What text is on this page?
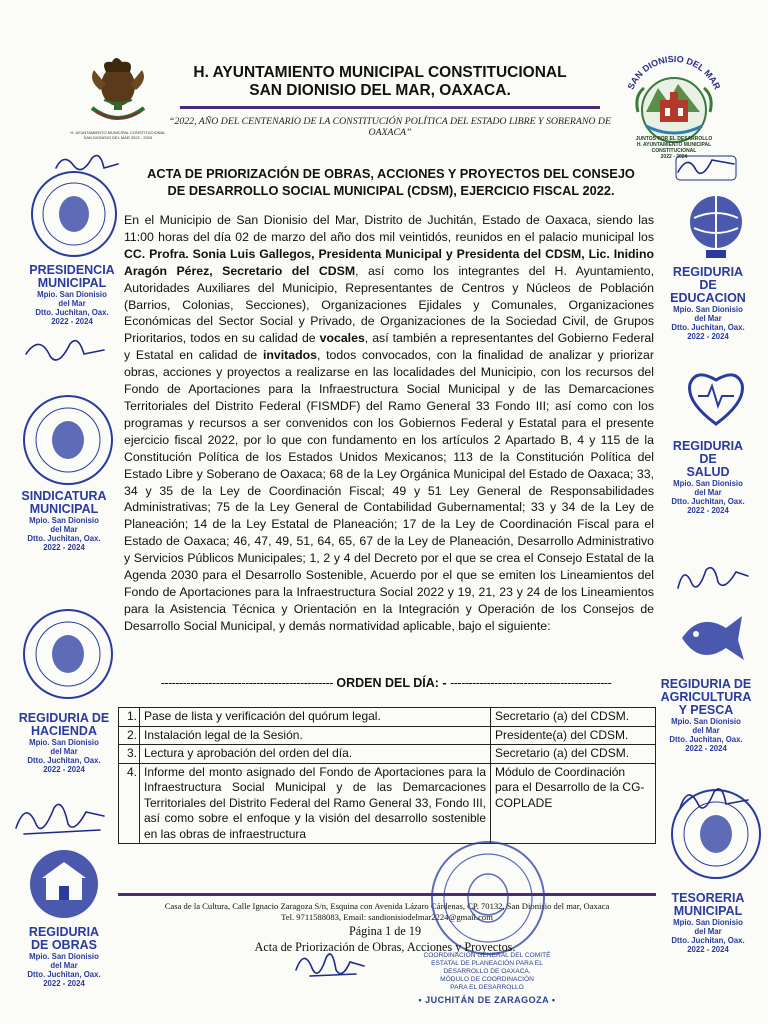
H. AYUNTAMIENTO MUNICIPAL CONSTITUCIONAL SAN DIONISIO DEL MAR 2022 - 2024
H. AYUNTAMIENTO MUNICIPAL CONSTITUCIONAL
SAN DIONISIO DEL MAR, OAXACA.
“2022, AÑO DEL CENTENARIO DE LA CONSTITUCIÓN POLÍTICA DEL ESTADO LIBRE Y SOBERANO DE OAXACA”
SAN DIONISIO DEL MAR
JUNTOS POR EL DESARROLLO
H. AYUNTAMIENTO MUNICIPAL CONSTITUCIONAL
2022 - 2024
ACTA DE PRIORIZACIÓN DE OBRAS, ACCIONES Y PROYECTOS DEL CONSEJO
DE DESARROLLO SOCIAL MUNICIPAL (CDSM), EJERCICIO FISCAL 2022.
En el Municipio de San Dionisio del Mar, Distrito de Juchitán, Estado de Oaxaca, siendo las 11:00 horas del día 02 de marzo del año dos mil veintidós, reunidos en el palacio municipal los CC. Profra. Sonia Luis Gallegos, Presidenta Municipal y Presidenta del CDSM, Lic. Inidino Aragón Pérez, Secretario del CDSM, así como los integrantes del H. Ayuntamiento, Autoridades Auxiliares del Municipio, Representantes de Centros y Núcleos de Población (Barrios, Colonias, Secciones), Organizaciones Ejidales y Comunales, Organizaciones Económicas del Sector Social y Privado, de Organizaciones de la Sociedad Civil, de Grupos Prioritarios, todos en su calidad de vocales, así también a representantes del Gobierno Federal y Estatal en calidad de invitados, todos convocados, con la finalidad de analizar y priorizar obras, acciones y proyectos a realizarse en las localidades del Municipio, con los recursos del Fondo de Aportaciones para la Infraestructura Social Municipal y de las Demarcaciones Territoriales del Distrito Federal (FISMDF) del Ramo General 33 Fondo III; así como con los programas y recursos a ser convenidos con los Gobiernos Federal y Estatal para el presente ejercicio fiscal 2022, por lo que con fundamento en los artículos 2 Apartado B, 4 y 115 de la Constitución Política de los Estados Unidos Mexicanos; 113 de la Constitución Política del Estado Libre y Soberano de Oaxaca; 68 de la Ley Orgánica Municipal del Estado de Oaxaca; 33, 34 y 35 de la Ley de Coordinación Fiscal; 49 y 51 Ley General de Responsabilidades Administrativas; 75 de la Ley General de Contabilidad Gubernamental; 33 y 34 de la Ley de Planeación; 14 de la Ley Estatal de Planeación; 17 de la Ley de Coordinación Fiscal para el Estado de Oaxaca; 46, 47, 49, 51, 64, 65, 67 de la Ley de Planeación, Desarrollo Administrativo y Servicios Públicos Municipales; 1, 2 y 4 del Decreto por el que se crea el Consejo Estatal de la Agenda 2030 para el Desarrollo Sostenible, Acuerdo por el que se emiten los Lineamientos del Fondo de Aportaciones para la Infraestructura Social 2022 y 19, 21, 23 y 24 de los Lineamientos para la Asistencia Técnica y Orientación en la Integración y Operación de los Consejos de Desarrollo Social Municipal, y demás normatividad aplicable, bajo el siguiente:
----------------------------------------------- ORDEN DEL DÍA: - --------------------------------------------
1.	Pase de lista y verificación del quórum legal.	Secretario (a) del CDSM.
2.	Instalación legal de la Sesión.	Presidente(a) del CDSM.
3.	Lectura y aprobación del orden del día.	Secretario (a) del CDSM.
4.	Informe del monto asignado del Fondo de Aportaciones para la Infraestructura Social Municipal y de las Demarcaciones Territoriales del Distrito Federal del Ramo General 33, Fondo III, así como sobre el enfoque y la visión del desarrollo sostenible en las obras de infraestructura	Módulo de Coordinación para el Desarrollo de la CG-COPLADE
Casa de la Cultura, Calle Ignacio Zaragoza S/n, Esquina con Avenida Lázaro Cárdenas, CP. 70132, San Dionisio del mar, Oaxaca
Tel. 9711588083, Email: sandionisiodelmar2224@gmail.com
Página 1 de 19
Acta de Priorización de Obras, Acciones y Proyectos.
COORDINACIÓN GENERAL DEL COMITÉ
ESTATAL DE PLANEACIÓN PARA EL
DESARROLLO DE OAXACA.
MÓDULO DE COORDINACIÓN
PARA EL DESARROLLO
• JUCHITÁN DE ZARAGOZA •
PRESIDENCIA
MUNICIPAL
Mpio. San Dionisio
del Mar
Dtto. Juchitan, Oax.
2022 - 2024
SINDICATURA
MUNICIPAL
Mpio. San Dionisio
del Mar
Dtto. Juchitan, Oax.
2022 - 2024
REGIDURIA DE
HACIENDA
Mpio. San Dionisio
del Mar
Dtto. Juchitan, Oax.
2022 - 2024
REGIDURIA
DE OBRAS
Mpio. San Dionisio
del Mar
Dtto. Juchitan, Oax.
2022 - 2024
REGIDURIA
DE
EDUCACION
Mpio. San Dionisio
del Mar
Dtto. Juchitan, Oax.
2022 - 2024
REGIDURIA
DE
SALUD
Mpio. San Dionisio
del Mar
Dtto. Juchitan, Oax.
2022 - 2024
REGIDURIA DE
AGRICULTURA
Y PESCA
Mpio. San Dionisio
del Mar
Dtto. Juchitan, Oax.
2022 - 2024
TESORERIA
MUNICIPAL
Mpio. San Dionisio
del Mar
Dtto. Juchitan, Oax.
2022 - 2024
